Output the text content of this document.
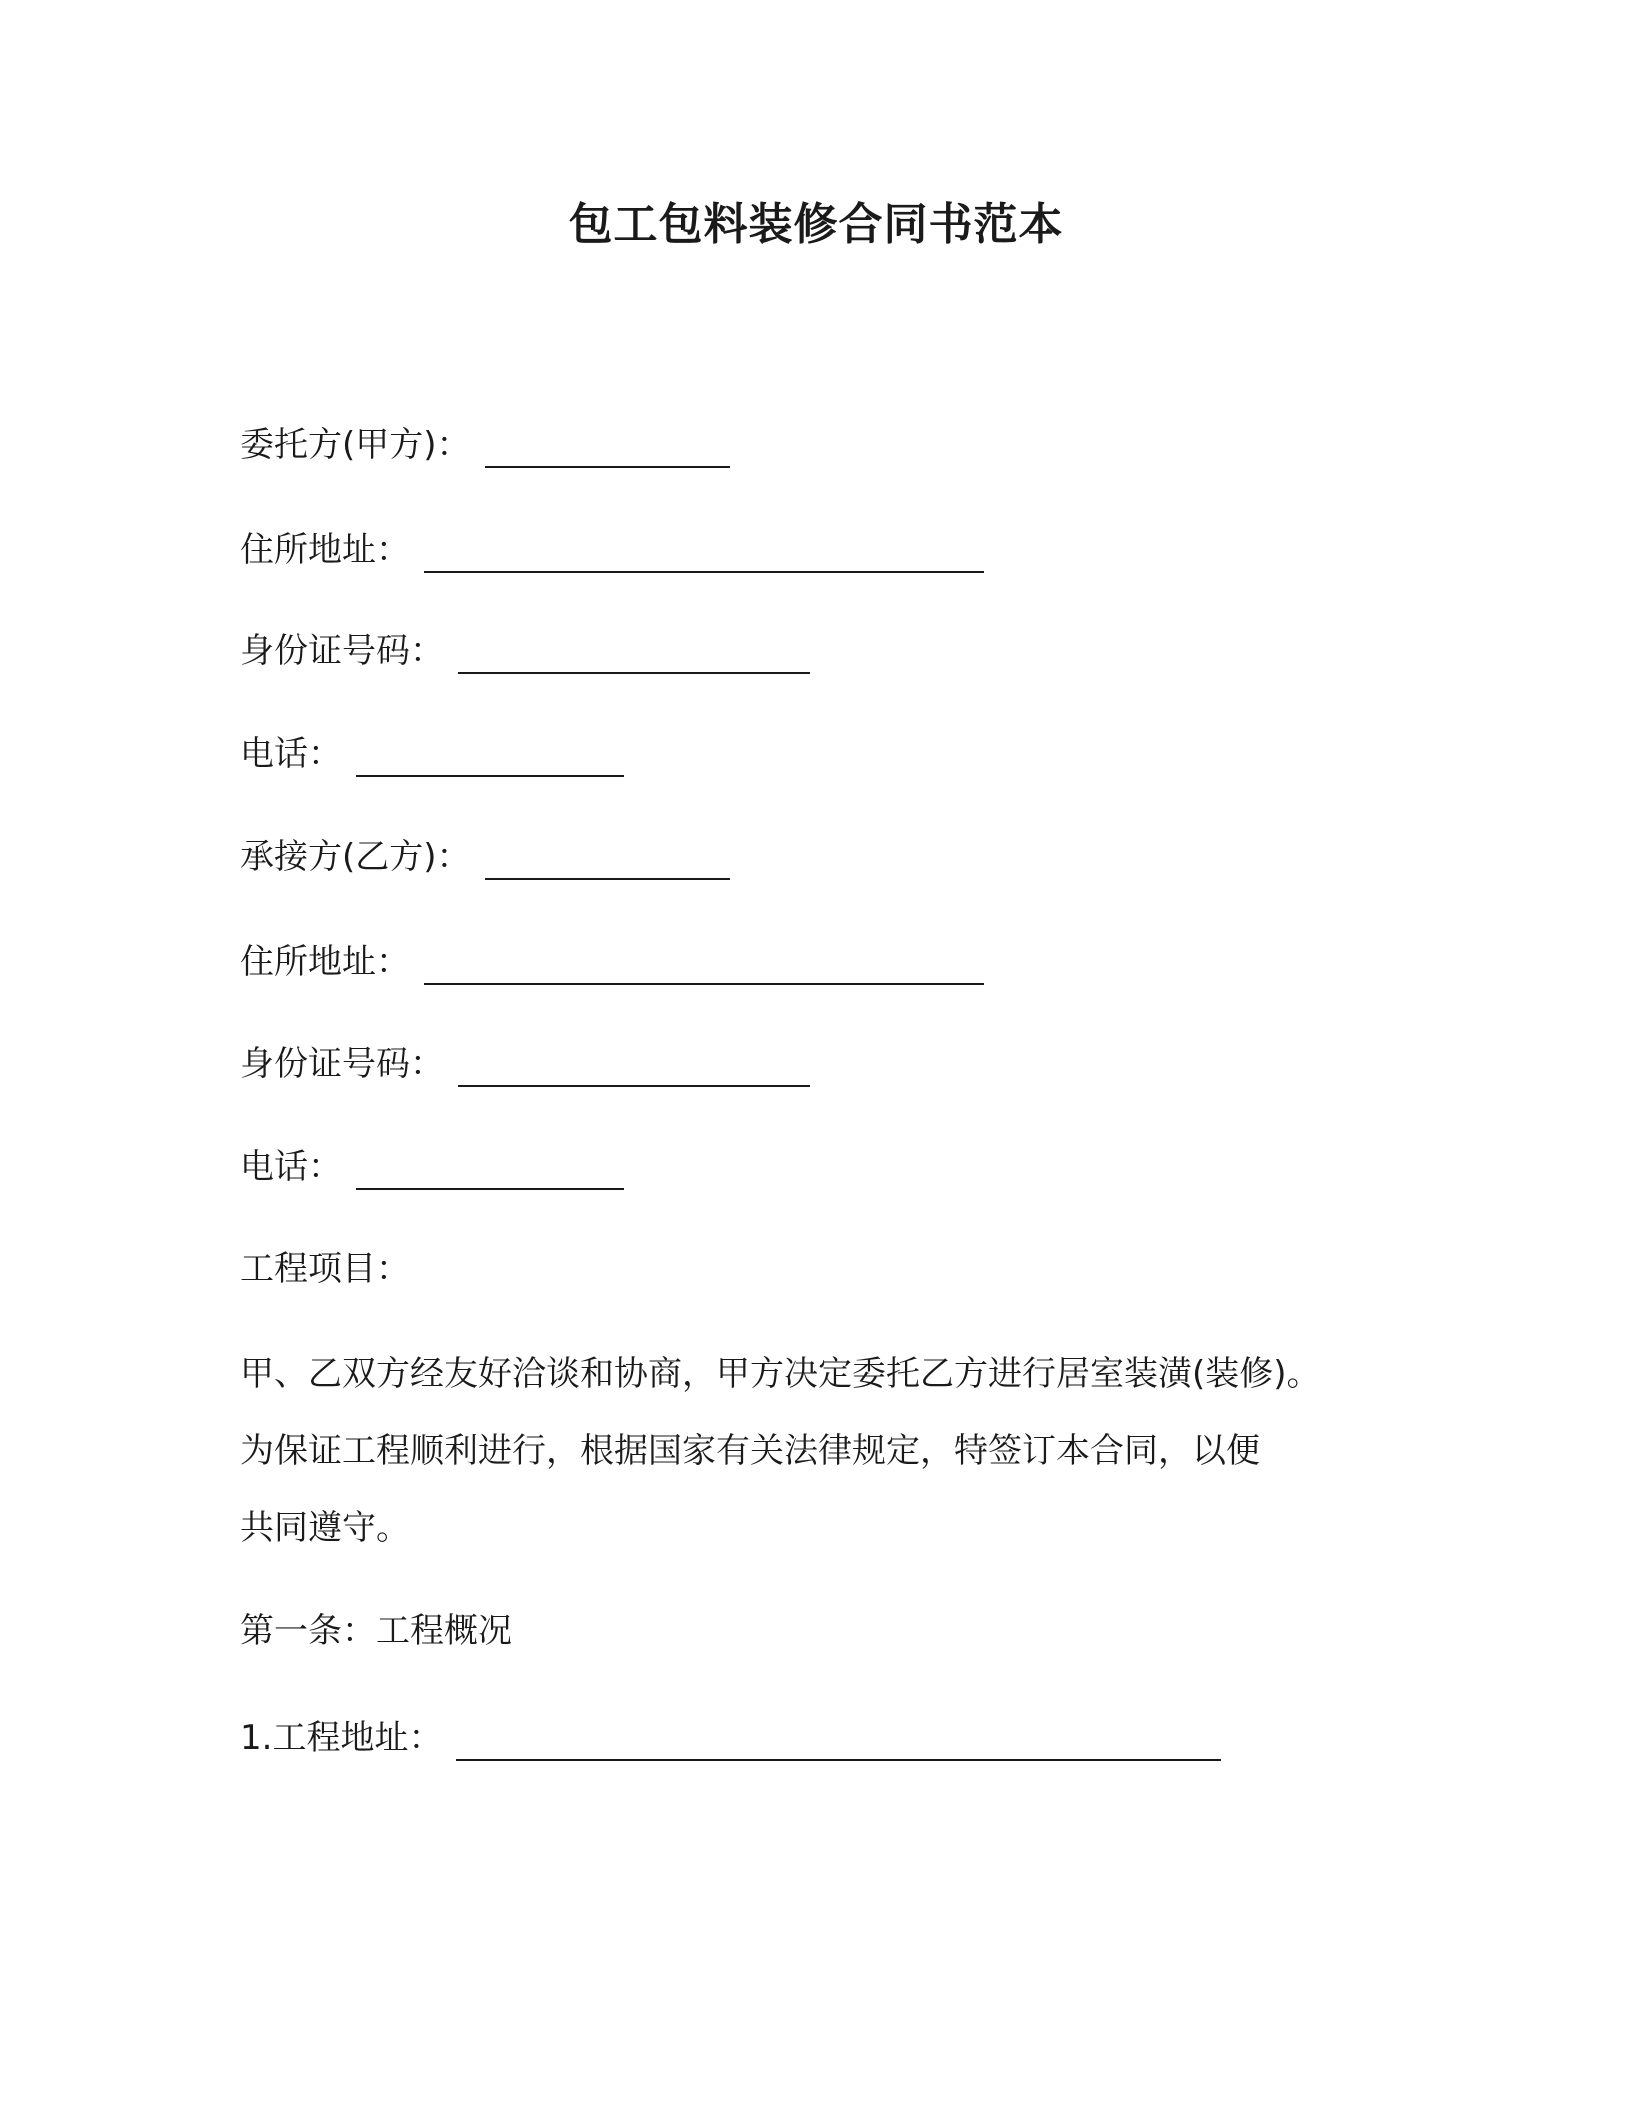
包工包料装修合同书范本
委托方(甲方)：
住所地址：
身份证号码：
电话：
承接方(乙方)：
住所地址：
身份证号码：
电话：
工程项目：
甲、乙双方经友好洽谈和协商，甲方决定委托乙方进行居室装潢(装修)。
为保证工程顺利进行，根据国家有关法律规定，特签订本合同，以便
共同遵守。
第一条：工程概况
1.工程地址：
